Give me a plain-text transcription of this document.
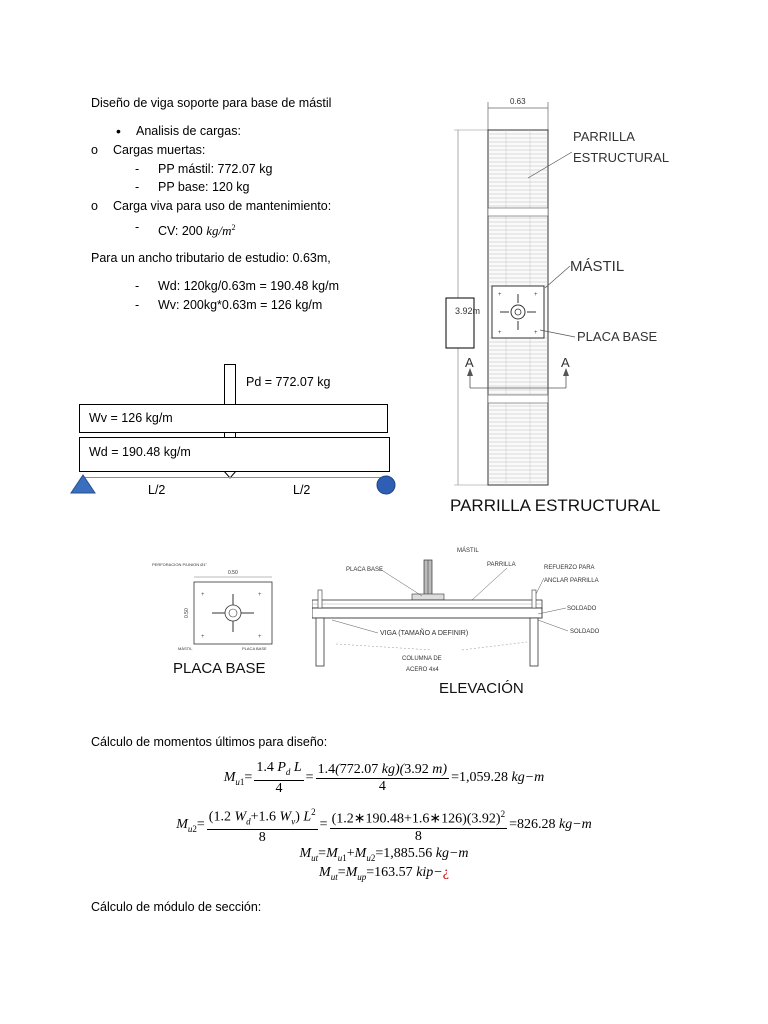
Diseño de viga soporte para base de mástil
• Analisis de cargas:
o Cargas muertas:
- PP mástil: 772.07 kg
- PP base: 120 kg
o Carga viva para uso de mantenimiento:
- CV: 200 $kg/m^2$
Para un ancho tributario de estudio: 0.63m,
- Wd: 120kg/0.63m = 190.48 kg/m
- Wv: 200kg*0.63m = 126 kg/m
Pd = 772.07 kg
Wv = 126 kg/m
Wd = 190.48 kg/m
L/2	L/2
0.63
+	+
+	+
3.92m
A	A
PARRILLA
ESTRUCTURAL
MÁSTIL
PLACA BASE
PARRILLA ESTRUCTURAL
PERFORACION P/UNION Ø1"
0.50
0.50
+	+
+	+
MÁSTIL	PLACA BASE
PLACA BASE
MÁSTIL
PLACA BASE
PARRILLA	REFUERZO PARA
ANCLAR PARRILLA
SOLDADO
SOLDADO
VIGA (TAMAÑO A DEFINIR)
COLUMNA DE
ACERO 4x4
ELEVACIÓN
Cálculo de momentos últimos para diseño:
$M_{u1} = \frac{1.4 P_d L}{4} = \frac{1.4(772.07 kg)(3.92 m)}{4} =1,059.28$ kg−m
$M_{u2} = \frac{(1.2 W_d+1.6 W_v) L^2}{8} = \frac{(1.2∗190.48+1.6∗126)(3.92)^2}{8} =826.28$ kg−m
$M_{ut}=M_{u1}+M_{u2}=1,885.56$ kg−m
$M_{ut}=M_{up}=163.57$ kip−¿
Cálculo de módulo de sección:
